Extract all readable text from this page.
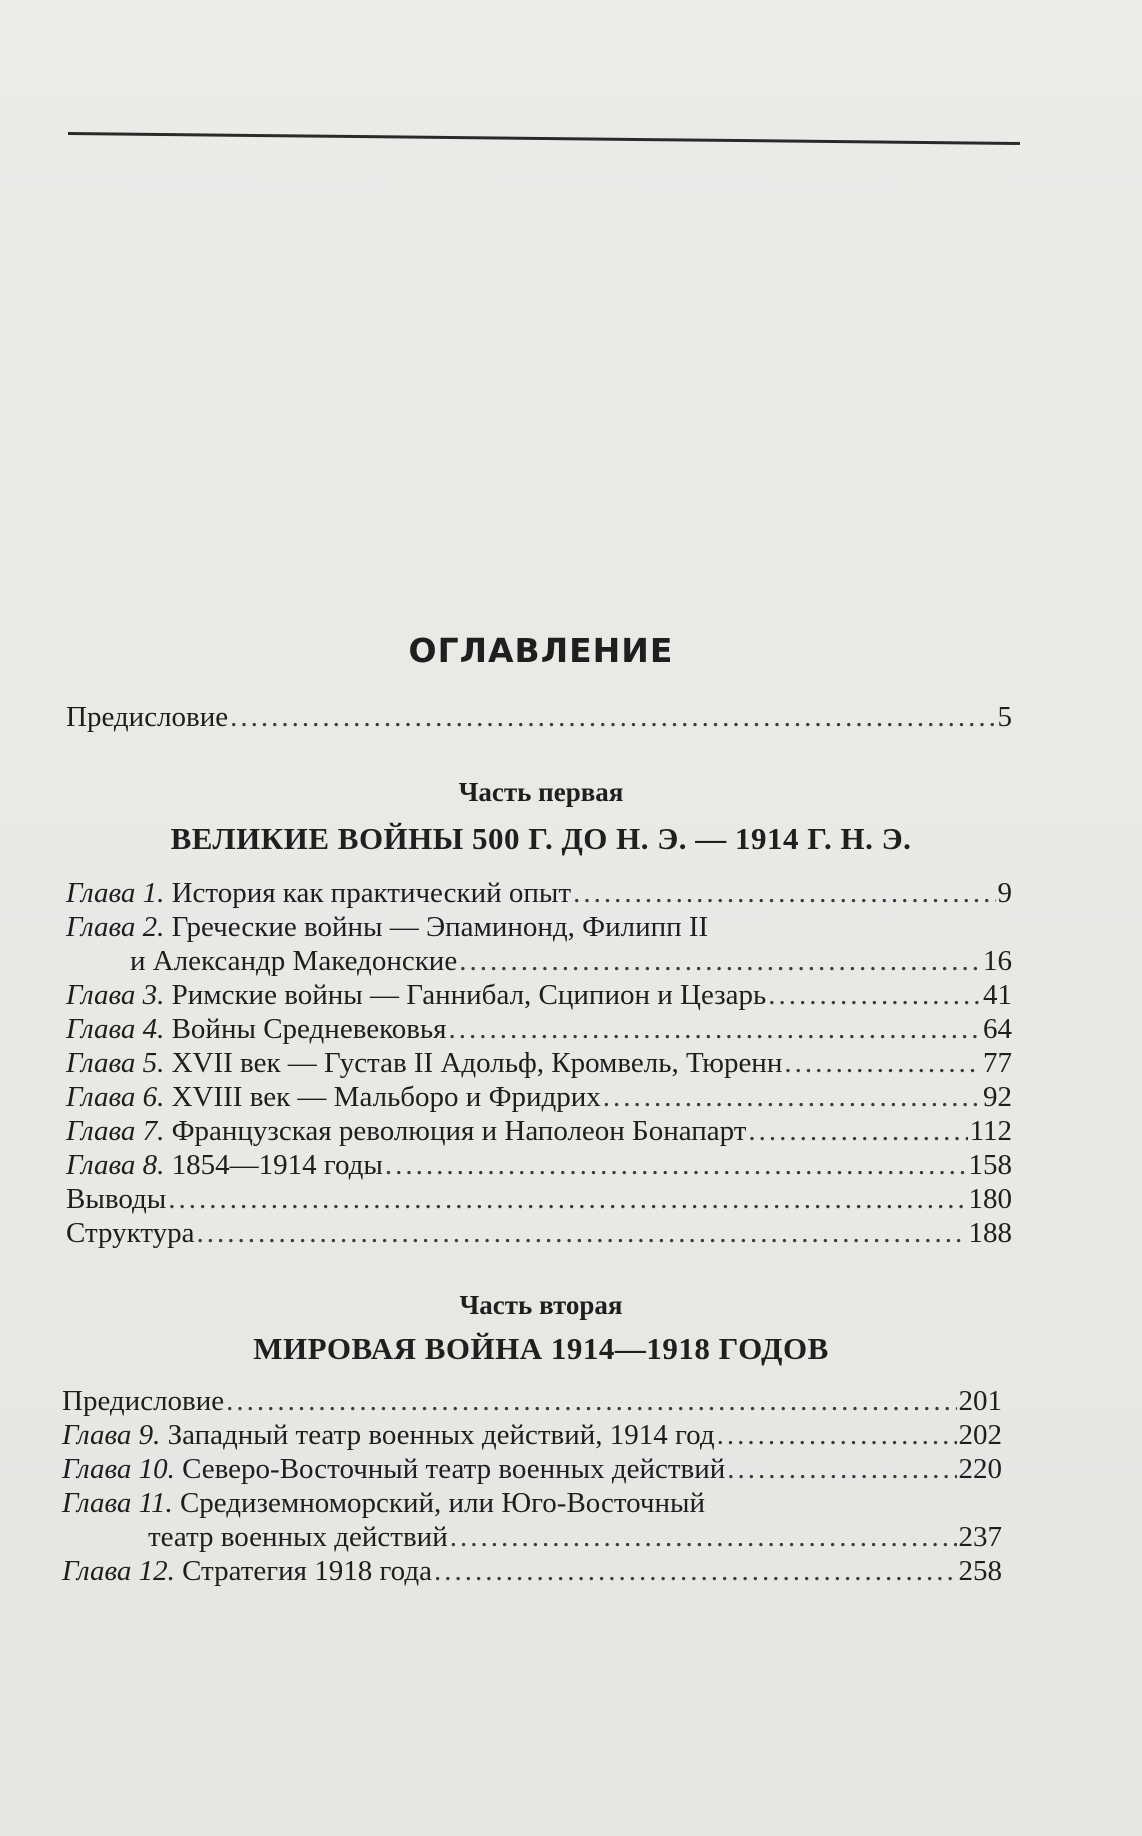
ОГЛАВЛЕНИЕ
Предисловие .....	5
Часть первая
ВЕЛИКИЕ ВОЙНЫ 500 Г. ДО Н. Э. — 1914 Г. Н. Э.
Глава 1. История как практический опыт .....	9
Глава 2. Греческие войны — Эпаминонд, Филипп II
и Александр Македонские .....	16
Глава 3. Римские войны — Ганнибал, Сципион и Цезарь .....	41
Глава 4. Войны Средневековья .....	64
Глава 5. XVII век — Густав II Адольф, Кромвель, Тюренн .....	77
Глава 6. XVIII век — Мальборо и Фридрих .....	92
Глава 7. Французская революция и Наполеон Бонапарт .....	112
Глава 8. 1854—1914 годы .....	158
Выводы .....	180
Структура .....	188
Часть вторая
МИРОВАЯ ВОЙНА 1914—1918 ГОДОВ
Предисловие .....	201
Глава 9. Западный театр военных действий, 1914 год .....	202
Глава 10. Северо-Восточный театр военных действий .....	220
Глава 11. Средиземноморский, или Юго-Восточный
театр военных действий .....	237
Глава 12. Стратегия 1918 года .....	258
